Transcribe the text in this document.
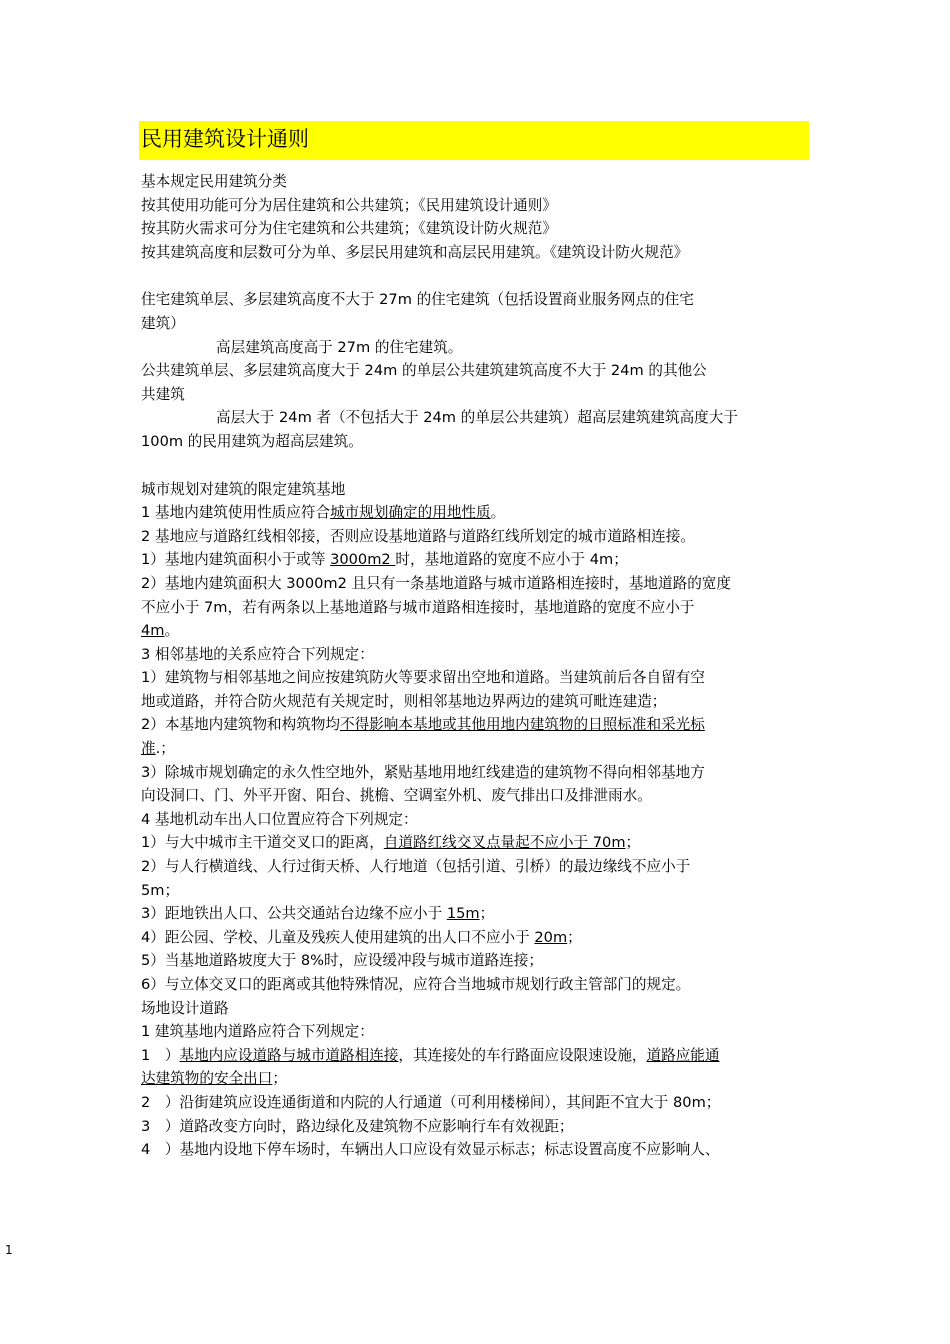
民用建筑设计通则
基本规定民用建筑分类
按其使用功能可分为居住建筑和公共建筑；《民用建筑设计通则》
按其防火需求可分为住宅建筑和公共建筑；《建筑设计防火规范》
按其建筑高度和层数可分为单、多层民用建筑和高层民用建筑。《建筑设计防火规范》
住宅建筑单层、多层建筑高度不大于 27m 的住宅建筑（包括设置商业服务网点的住宅
建筑）
高层建筑高度高于 27m 的住宅建筑。
公共建筑单层、多层建筑高度大于 24m 的单层公共建筑建筑高度不大于 24m 的其他公
共建筑
高层大于 24m 者（不包括大于 24m 的单层公共建筑）超高层建筑建筑高度大于
100m 的民用建筑为超高层建筑。
城市规划对建筑的限定建筑基地
1 基地内建筑使用性质应符合城市规划确定的用地性质。
2 基地应与道路红线相邻接，否则应设基地道路与道路红线所划定的城市道路相连接。
1）基地内建筑面积小于或等 3000m2 时，基地道路的宽度不应小于 4m；
2）基地内建筑面积大 3000m2 且只有一条基地道路与城市道路相连接时，基地道路的宽度
不应小于 7m，若有两条以上基地道路与城市道路相连接时，基地道路的宽度不应小于
4m。
3 相邻基地的关系应符合下列规定：
1）建筑物与相邻基地之间应按建筑防火等要求留出空地和道路。当建筑前后各自留有空
地或道路，并符合防火规范有关规定时，则相邻基地边界两边的建筑可毗连建造；
2）本基地内建筑物和构筑物均不得影响本基地或其他用地内建筑物的日照标准和采光标
准.；
3）除城市规划确定的永久性空地外，紧贴基地用地红线建造的建筑物不得向相邻基地方
向设洞口、门、外平开窗、阳台、挑檐、空调室外机、废气排出口及排泄雨水。
4 基地机动车出人口位置应符合下列规定：
1）与大中城市主干道交叉口的距离，自道路红线交叉点量起不应小于 70m；
2）与人行横道线、人行过街天桥、人行地道（包括引道、引桥）的最边缘线不应小于
5m；
3）距地铁出人口、公共交通站台边缘不应小于 15m；
4）距公园、学校、儿童及残疾人使用建筑的出人口不应小于 20m；
5）当基地道路坡度大于 8%时，应设缓冲段与城市道路连接；
6）与立体交叉口的距离或其他特殊情况，应符合当地城市规划行政主管部门的规定。
场地设计道路
1 建筑基地内道路应符合下列规定：
1　）基地内应设道路与城市道路相连接，其连接处的车行路面应设限速设施，道路应能通
达建筑物的安全出口；
2　）沿街建筑应设连通街道和内院的人行通道（可利用楼梯间），其间距不宜大于 80m；
3　）道路改变方向时，路边绿化及建筑物不应影响行车有效视距；
4　）基地内设地下停车场时，车辆出人口应设有效显示标志；标志设置高度不应影响人、
1
